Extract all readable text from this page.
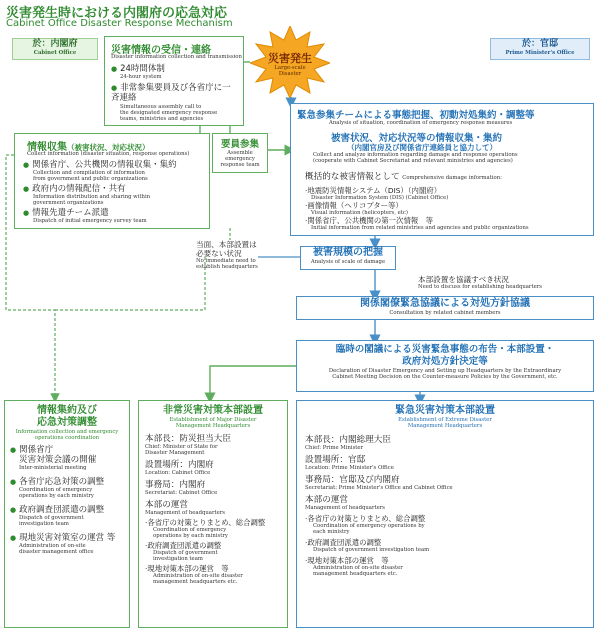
災害発生時における内閣府の応急対応
Cabinet Office Disaster Response Mechanism
於：内閣府
Cabinet Office
於：官邸
Prime Minister's Office
災害発生
Large-scale
Disaster
災害情報の受信・連絡
Disaster information collection and transmission
● 24時間体制
24-hour system
● 非常参集要員及び各省庁に一斉連絡
Simultaneous assembly call to
the designated emergency response
teams, ministries and agencies
情報収集（被害状況、対応状況）
Collect information (disaster situation, response operations)
● 関係省庁、公共機関の情報収集・集約
Collection and compilation of information
from government and public organizations
● 政府内の情報配信・共有
Information distribution and sharing within
government organizations
● 情報先遣チーム派遣
Dispatch of initial emergency survey team
要員参集
Assemble
emergency
response team
緊急参集チームによる事態把握、初動対処集約・調整等
Analysis of situation, coordination of emergency response measures
被害状況、対応状況等の情報収集・集約
（内閣官房及び関係省庁連絡員と協力して）
Collect and analyze information regarding damage and response operations
(cooperate with Cabinet Secretariat and relevant ministries and agencies)
概括的な被害情報として Comprehensive damage information:
· 地震防災情報システム（DIS）（内閣府）
Disaster Information System (DIS) (Cabinet Office)
· 画像情報（ヘリコプター等）
Visual information (helicopters, etc)
· 関係省庁、公共機関の第一次情報　等
Initial information from related ministries and agencies and public organizations
被害規模の把握
Analysis of scale of damage
当面、本部設置は
必要ない状況
No immediate need to
establish headquarters
本部設置を協議すべき状況
Need to discuss for establishing headquarters
関係閣僚緊急協議による対処方針協議
Consultation by related cabinet members
臨時の閣議による災害緊急事態の布告・本部設置・
政府対処方針決定等
Declaration of Disaster Emergency and Setting up Headquarters by the Extraordinary
Cabinet Meeting Decision on the Counter-measure Policies by the Government, etc.
情報集約及び
応急対策調整
Information collection and emergency
operations coordination
● 関係省庁
災害対策会議の開催
Inter-ministerial meeting
● 各省庁応急対策の調整
Coordination of emergency
operations by each ministry
● 政府調査団派遣の調整
Dispatch of government
investigation team
● 現地災害対策室の運営 等
Administration of on-site
disaster management office
非常災害対策本部設置
Establishment of Major Disaster
Management Headquarters
本部長：防災担当大臣
Chief: Minister of State for
Disaster Management
設置場所：内閣府
Location: Cabinet Office
事務局：内閣府
Secretariat: Cabinet Office
本部の運営
Management of headquarters
· 各省庁の対策とりまとめ、総合調整
Coordination of emergency
operations by each ministry
· 政府調査団派遣の調整
Dispatch of government
investigation team
· 現地対策本部の運営　等
Administration of on-site disaster
management headquarters etc.
緊急災害対策本部設置
Establishment of Extreme Disaster
Management Headquarters
本部長：内閣総理大臣
Chief: Prime Minister
設置場所：官邸
Location: Prime Minister's Office
事務局：官邸及び内閣府
Secretariat: Prime Minister's Office and Cabinet Office
本部の運営
Management of headquarters
· 各省庁の対策とりまとめ、総合調整
Coordination of emergency operations by
each ministry
· 政府調査団派遣の調整
Dispatch of government investigation team
· 現地対策本部の運営　等
Administration of on-site disaster
management headquarters etc.
